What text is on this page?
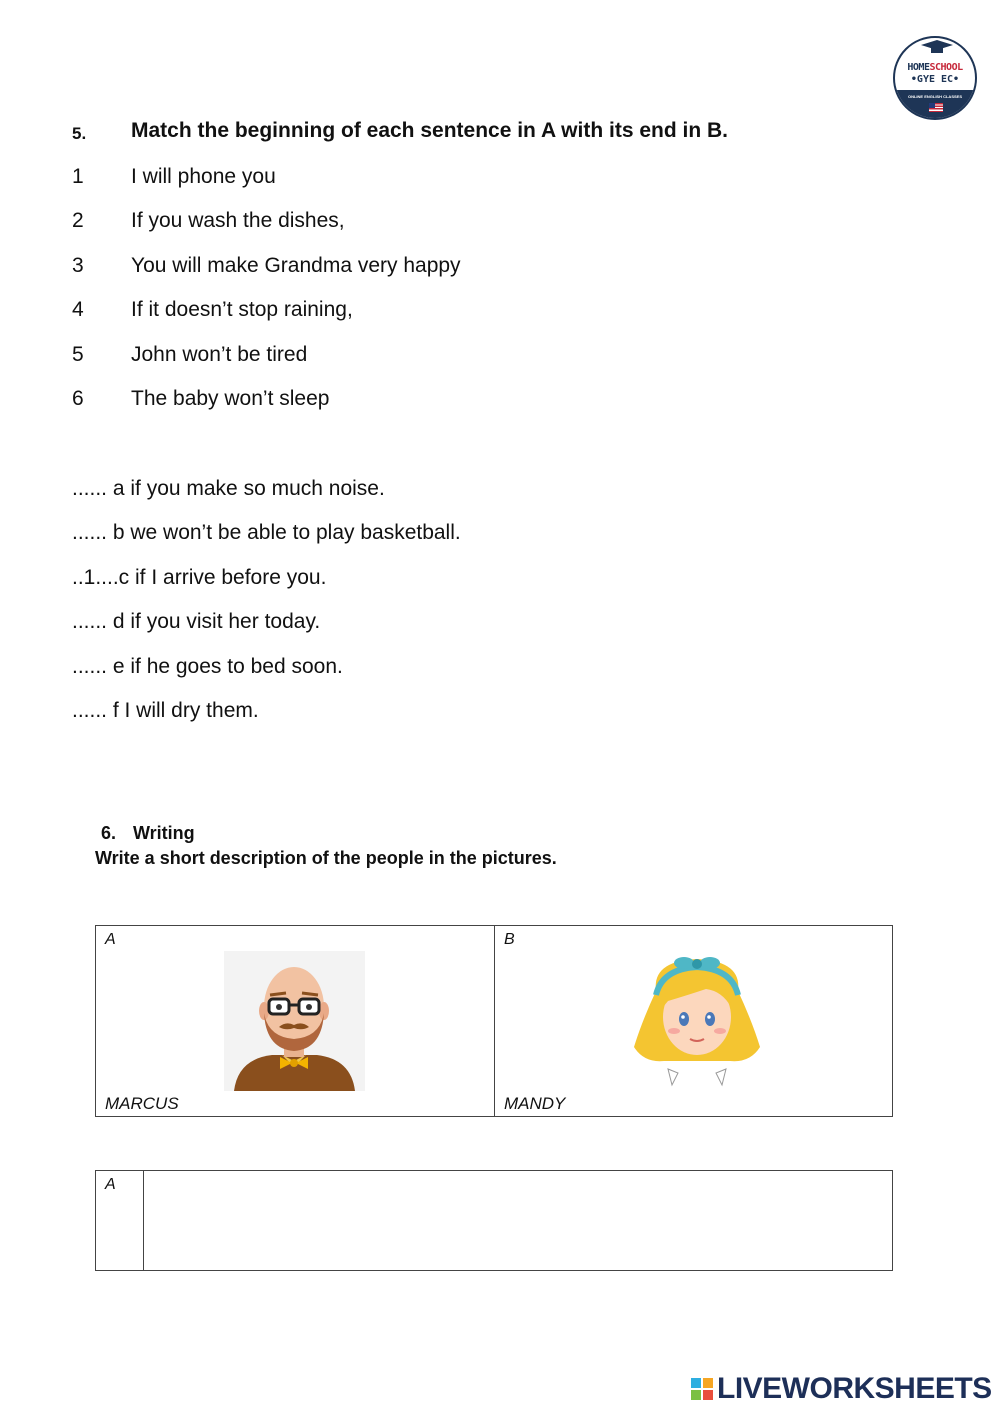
HOMESCHOOL
•GYE EC•
ONLINE ENGLISH CLASSES
5. Match the beginning of each sentence in A with its end in B.
1 I will phone you
2 If you wash the dishes,
3 You will make Grandma very happy
4 If it doesn’t stop raining,
5 John won’t be tired
6 The baby won’t sleep
...... a if you make so much noise.
...... b we won’t be able to play basketball.
..1....c if I arrive before you.
...... d if you visit her today.
...... e if he goes to bed soon.
...... f I will dry them.
6. Writing
Write a short description of the people in the pictures.
A	B
MARCUS	MANDY
A
LIVEWORKSHEETS
